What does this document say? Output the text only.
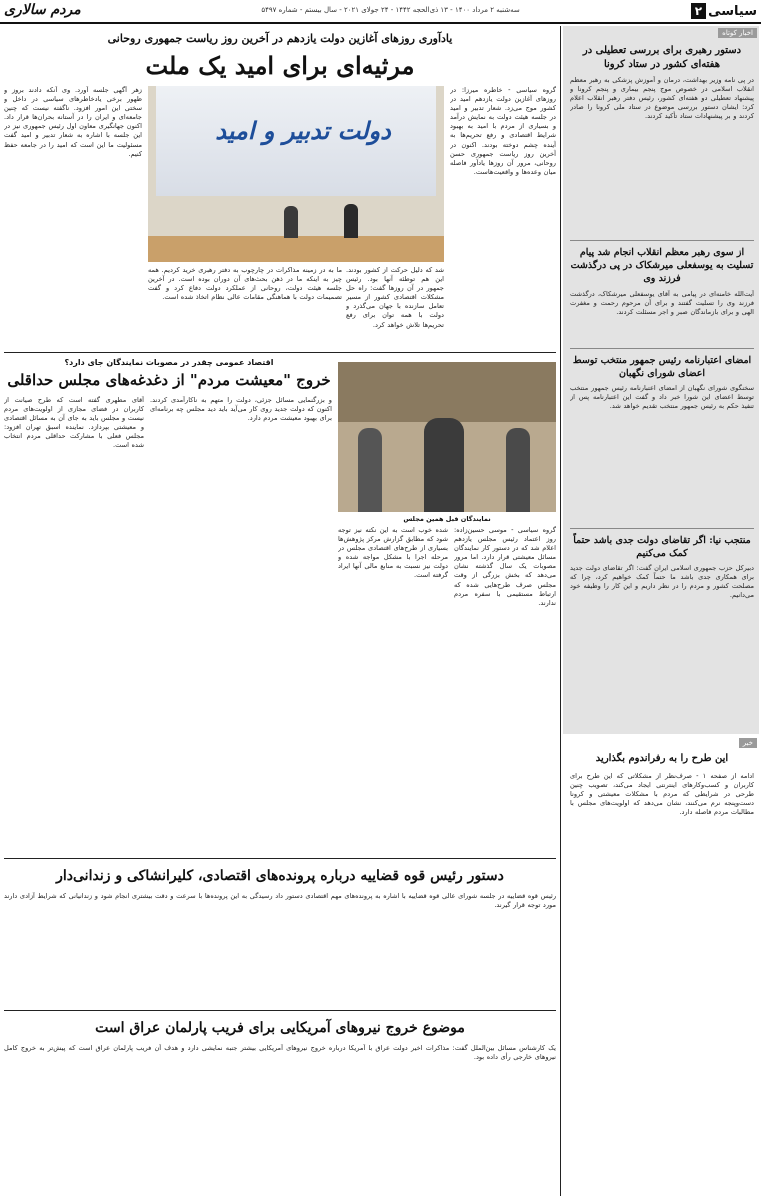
سیاسی
۲
سه‌شنبه ۲ مرداد ۱۴۰۰ - ۱۳ ذی‌الحجه ۱۴۴۲ - ۲۴ جولای ۲۰۲۱ - سال بیستم - شماره ۵۴۹۷
مردم سالاری
اخبار کوتاه
دستور رهبری برای بررسی تعطیلی در هفته‌ای کشور در ستاد کرونا
در پی نامه وزیر بهداشت، درمان و آموزش پزشکی به رهبر معظم انقلاب اسلامی در خصوص موج پنجم بیماری و پنجم کرونا و پیشنهاد تعطیلی دو هفته‌ای کشور، رئیس دفتر رهبر انقلاب اعلام کرد: ایشان دستور بررسی موضوع در ستاد ملی کرونا را صادر کردند و بر پیشنهادات ستاد تأکید کردند.
از سوی رهبر معظم انقلاب انجام شد پیام تسلیت به یوسفعلی میرشکاک در پی درگذشت فرزند وی
آیت‌الله خامنه‌ای در پیامی به آقای یوسفعلی میرشکاک، درگذشت فرزند وی را تسلیت گفتند و برای آن مرحوم رحمت و مغفرت الهی و برای بازماندگان صبر و اجر مسئلت کردند.
امضای اعتبارنامه رئیس جمهور منتخب توسط اعضای شورای نگهبان
سخنگوی شورای نگهبان از امضای اعتبارنامه رئیس جمهور منتخب توسط اعضای این شورا خبر داد و گفت این اعتبارنامه پس از تنفیذ حکم به رئیس جمهور منتخب تقدیم خواهد شد.
منتجب نیا: اگر تقاضای دولت جدی باشد حتماً کمک می‌کنیم
دبیرکل حزب جمهوری اسلامی ایران گفت: اگر تقاضای دولت جدید برای همکاری جدی باشد ما حتماً کمک خواهیم کرد، چرا که مصلحت کشور و مردم را در نظر داریم و این کار را وظیفه خود می‌دانیم.
خبر
این طرح را به رفراندوم بگذارید
ادامه از صفحه ۱ - صرف‌نظر از مشکلاتی که این طرح برای کاربران و کسب‌وکارهای اینترنتی ایجاد می‌کند، تصویب چنین طرحی در شرایطی که مردم با مشکلات معیشتی و کرونا دست‌وپنجه نرم می‌کنند، نشان می‌دهد که اولویت‌های مجلس با مطالبات مردم فاصله دارد.
یادآوری روزهای آغازین دولت یازدهم در آخرین روز ریاست جمهوری روحانی
مرثیه‌ای برای امید یک ملت
گروه سیاسی - خاطره میرزا: در روزهای آغازین دولت یازدهم امید در کشور موج می‌زد. شعار تدبیر و امید در جلسه هیئت دولت به نمایش درآمد و بسیاری از مردم با امید به بهبود شرایط اقتصادی و رفع تحریم‌ها به آینده چشم دوخته بودند. اکنون در آخرین روز ریاست جمهوری حسن روحانی، مرور آن روزها یادآور فاصله میان وعده‌ها و واقعیت‌هاست.
دولت تدبیر و امید
شد که دلیل حرکت از کشور بودند. این هم توطئه آنها بود. رئیس جمهور در آن روزها گفت: راه حل مشکلات اقتصادی کشور از مسیر تعامل سازنده با جهان می‌گذرد و دولت با همه توان برای رفع تحریم‌ها تلاش خواهد کرد.
ما به در زمینه مذاکرات در چارچوب به دفتر رهبری خرید کردیم. همه چیز به اینکه ما در ذهن بحث‌های آن دوران بوده است. در آخرین جلسه هیئت دولت، روحانی از عملکرد دولت دفاع کرد و گفت تصمیمات دولت با هماهنگی مقامات عالی نظام اتخاذ شده است.
زهر آگهی جلسه آورد. وی آنکه دادند بروز و ظهور برخی یادخاطرهای سیاسی در داخل و سختی این امور افزود. ناگفته نیست که چنین جامعه‌ای و ایران را در آستانه بحران‌ها قرار داد. اکنون جهانگیری معاون اول رئیس جمهوری نیز در این جلسه با اشاره به شعار تدبیر و امید گفت مسئولیت ما این است که امید را در جامعه حفظ کنیم.
اقتصاد عمومی چقدر در مصوبات نمایندگان جای دارد؟
خروج "معیشت مردم" از دغدغه‌های مجلس حداقلی
نمایندگان قبل همین مجلس
گروه سیاسی - موسی حسین‌زاده: روز اعتماد رئیس مجلس یازدهم اعلام شد که در دستور کار نمایندگان مسائل معیشتی قرار دارد. اما مرور مصوبات یک سال گذشته نشان می‌دهد که بخش بزرگی از وقت مجلس صرف طرح‌هایی شده که ارتباط مستقیمی با سفره مردم ندارند.
شده خوب است به این نکته نیز توجه شود که مطابق گزارش مرکز پژوهش‌ها بسیاری از طرح‌های اقتصادی مجلس در مرحله اجرا با مشکل مواجه شده و دولت نیز نسبت به منابع مالی آنها ایراد گرفته است.
و بزرگنمایی مسائل جزئی، دولت را متهم به ناکارآمدی کردند. اکنون که دولت جدید روی کار می‌آید باید دید مجلس چه برنامه‌ای برای بهبود معیشت مردم دارد.
آقای مطهری گفته است که طرح صیانت از کاربران در فضای مجازی از اولویت‌های مردم نیست و مجلس باید به جای آن به مسائل اقتصادی و معیشتی بپردازد. نماینده اسبق تهران افزود: مجلس فعلی با مشارکت حداقلی مردم انتخاب شده است.
دستور رئیس قوه قضاییه درباره پرونده‌های اقتصادی، کلیرانشاکی و زندانی‌دار
رئیس قوه قضاییه در جلسه شورای عالی قوه قضاییه با اشاره به پرونده‌های مهم اقتصادی دستور داد رسیدگی به این پرونده‌ها با سرعت و دقت بیشتری انجام شود و زندانیانی که شرایط آزادی دارند مورد توجه قرار گیرند.
موضوع خروج نیروهای آمریکایی برای فریب پارلمان عراق است
یک کارشناس مسائل بین‌الملل گفت: مذاکرات اخیر دولت عراق با آمریکا درباره خروج نیروهای آمریکایی بیشتر جنبه نمایشی دارد و هدف آن فریب پارلمان عراق است که پیش‌تر به خروج کامل نیروهای خارجی رأی داده بود.
